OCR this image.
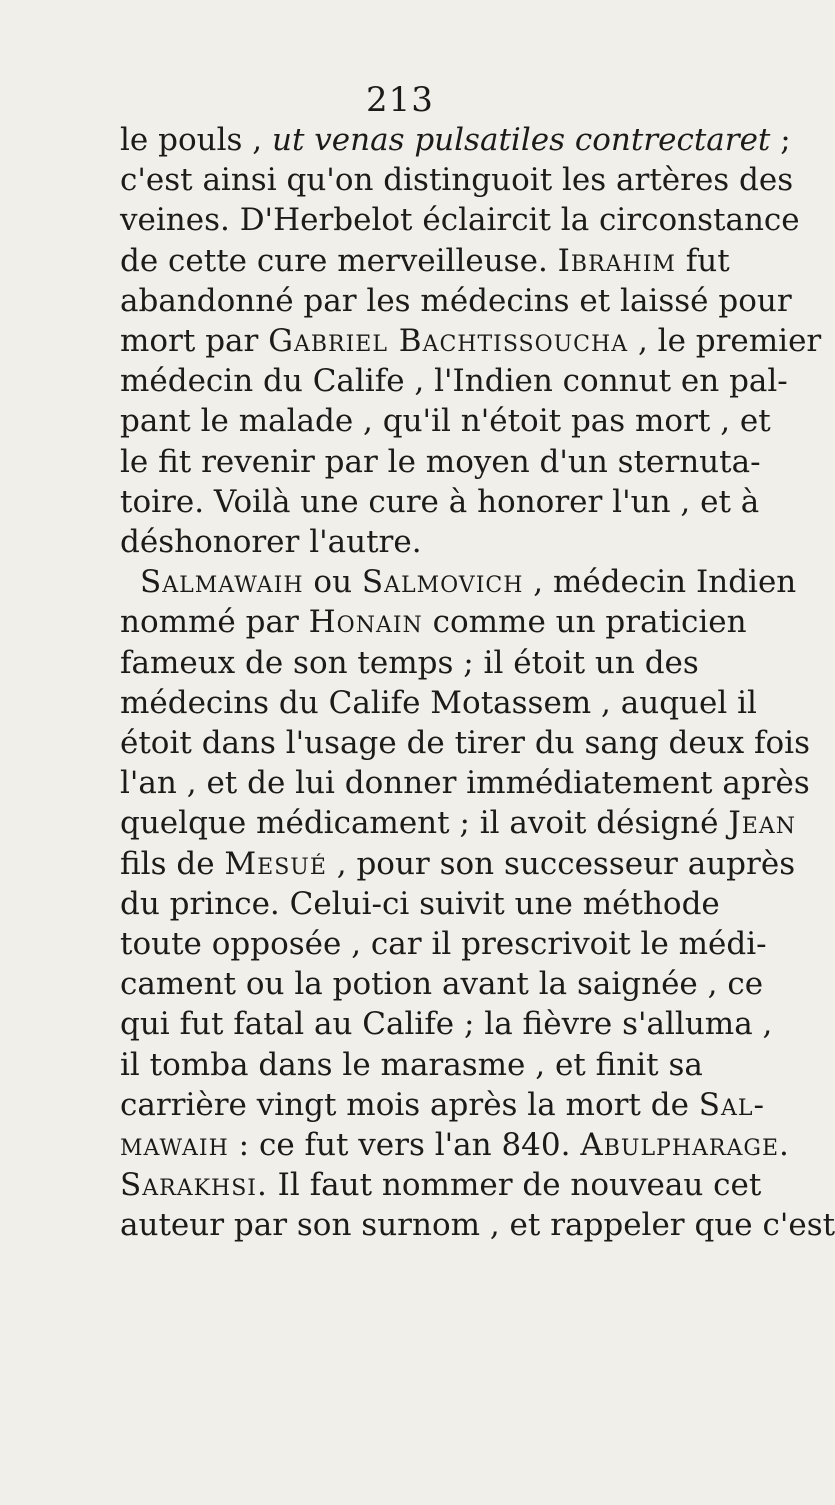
213
le pouls , ut venas pulsatiles contrectaret ;
c'est ainsi qu'on distinguoit les artères des
veines. D'Herbelot éclaircit la circonstance
de cette cure merveilleuse. Ibrahim fut
abandonné par les médecins et laissé pour
mort par Gabriel Bachtissoucha , le premier
médecin du Calife , l'Indien connut en pal-
pant le malade , qu'il n'étoit pas mort , et
le fit revenir par le moyen d'un sternuta-
toire. Voilà une cure à honorer l'un , et à
déshonorer l'autre.
Salmawaih ou Salmovich , médecin Indien
nommé par Honain comme un praticien
fameux de son temps ; il étoit un des
médecins du Calife Motassem , auquel il
étoit dans l'usage de tirer du sang deux fois
l'an , et de lui donner immédiatement après
quelque médicament ; il avoit désigné Jean
fils de Mesué , pour son successeur auprès
du prince. Celui-ci suivit une méthode
toute opposée , car il prescrivoit le médi-
cament ou la potion avant la saignée , ce
qui fut fatal au Calife ; la fièvre s'alluma ,
il tomba dans le marasme , et finit sa
carrière vingt mois après la mort de Sal-
mawaih : ce fut vers l'an 840. Abulpharage.
Sarakhsi. Il faut nommer de nouveau cet
auteur par son surnom , et rappeler que c'est
